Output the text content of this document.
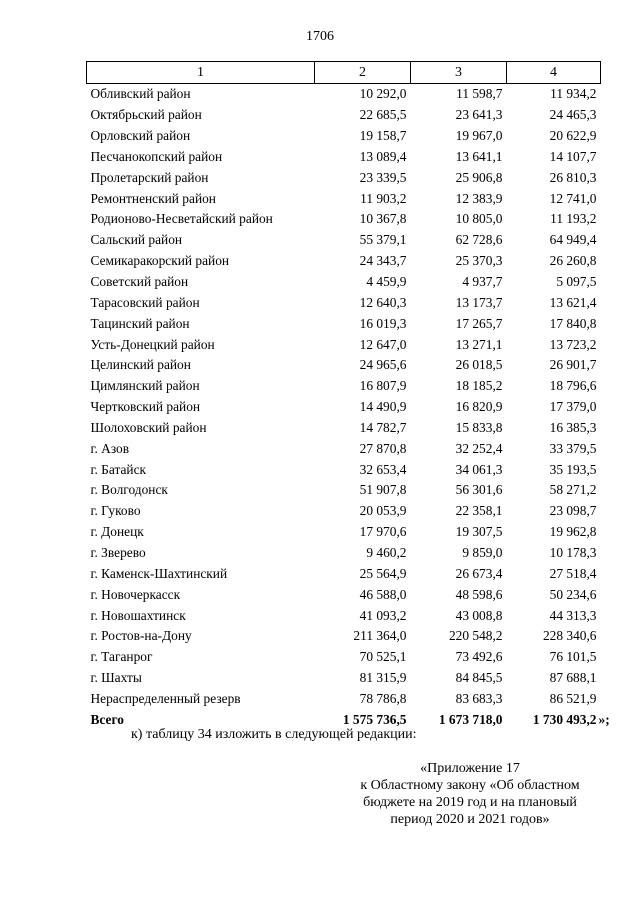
1706
1	2	3	4
Обливский район	10 292,0	11 598,7	11 934,2
Октябрьский район	22 685,5	23 641,3	24 465,3
Орловский район	19 158,7	19 967,0	20 622,9
Песчанокопский район	13 089,4	13 641,1	14 107,7
Пролетарский район	23 339,5	25 906,8	26 810,3
Ремонтненский район	11 903,2	12 383,9	12 741,0
Родионово-Несветайский район	10 367,8	10 805,0	11 193,2
Сальский район	55 379,1	62 728,6	64 949,4
Семикаракорский район	24 343,7	25 370,3	26 260,8
Советский район	4 459,9	4 937,7	5 097,5
Тарасовский район	12 640,3	13 173,7	13 621,4
Тацинский район	16 019,3	17 265,7	17 840,8
Усть-Донецкий район	12 647,0	13 271,1	13 723,2
Целинский район	24 965,6	26 018,5	26 901,7
Цимлянский район	16 807,9	18 185,2	18 796,6
Чертковский район	14 490,9	16 820,9	17 379,0
Шолоховский район	14 782,7	15 833,8	16 385,3
г. Азов	27 870,8	32 252,4	33 379,5
г. Батайск	32 653,4	34 061,3	35 193,5
г. Волгодонск	51 907,8	56 301,6	58 271,2
г. Гуково	20 053,9	22 358,1	23 098,7
г. Донецк	17 970,6	19 307,5	19 962,8
г. Зверево	9 460,2	9 859,0	10 178,3
г. Каменск-Шахтинский	25 564,9	26 673,4	27 518,4
г. Новочеркасск	46 588,0	48 598,6	50 234,6
г. Новошахтинск	41 093,2	43 008,8	44 313,3
г. Ростов-на-Дону	211 364,0	220 548,2	228 340,6
г. Таганрог	70 525,1	73 492,6	76 101,5
г. Шахты	81 315,9	84 845,5	87 688,1
Нераспределенный резерв	78 786,8	83 683,3	86 521,9
Всего	1 575 736,5	1 673 718,0	1 730 493,2 »;
к) таблицу 34 изложить в следующей редакции:
«Приложение 17
к Областному закону «Об областном
бюджете на 2019 год и на плановый
период 2020 и 2021 годов»
